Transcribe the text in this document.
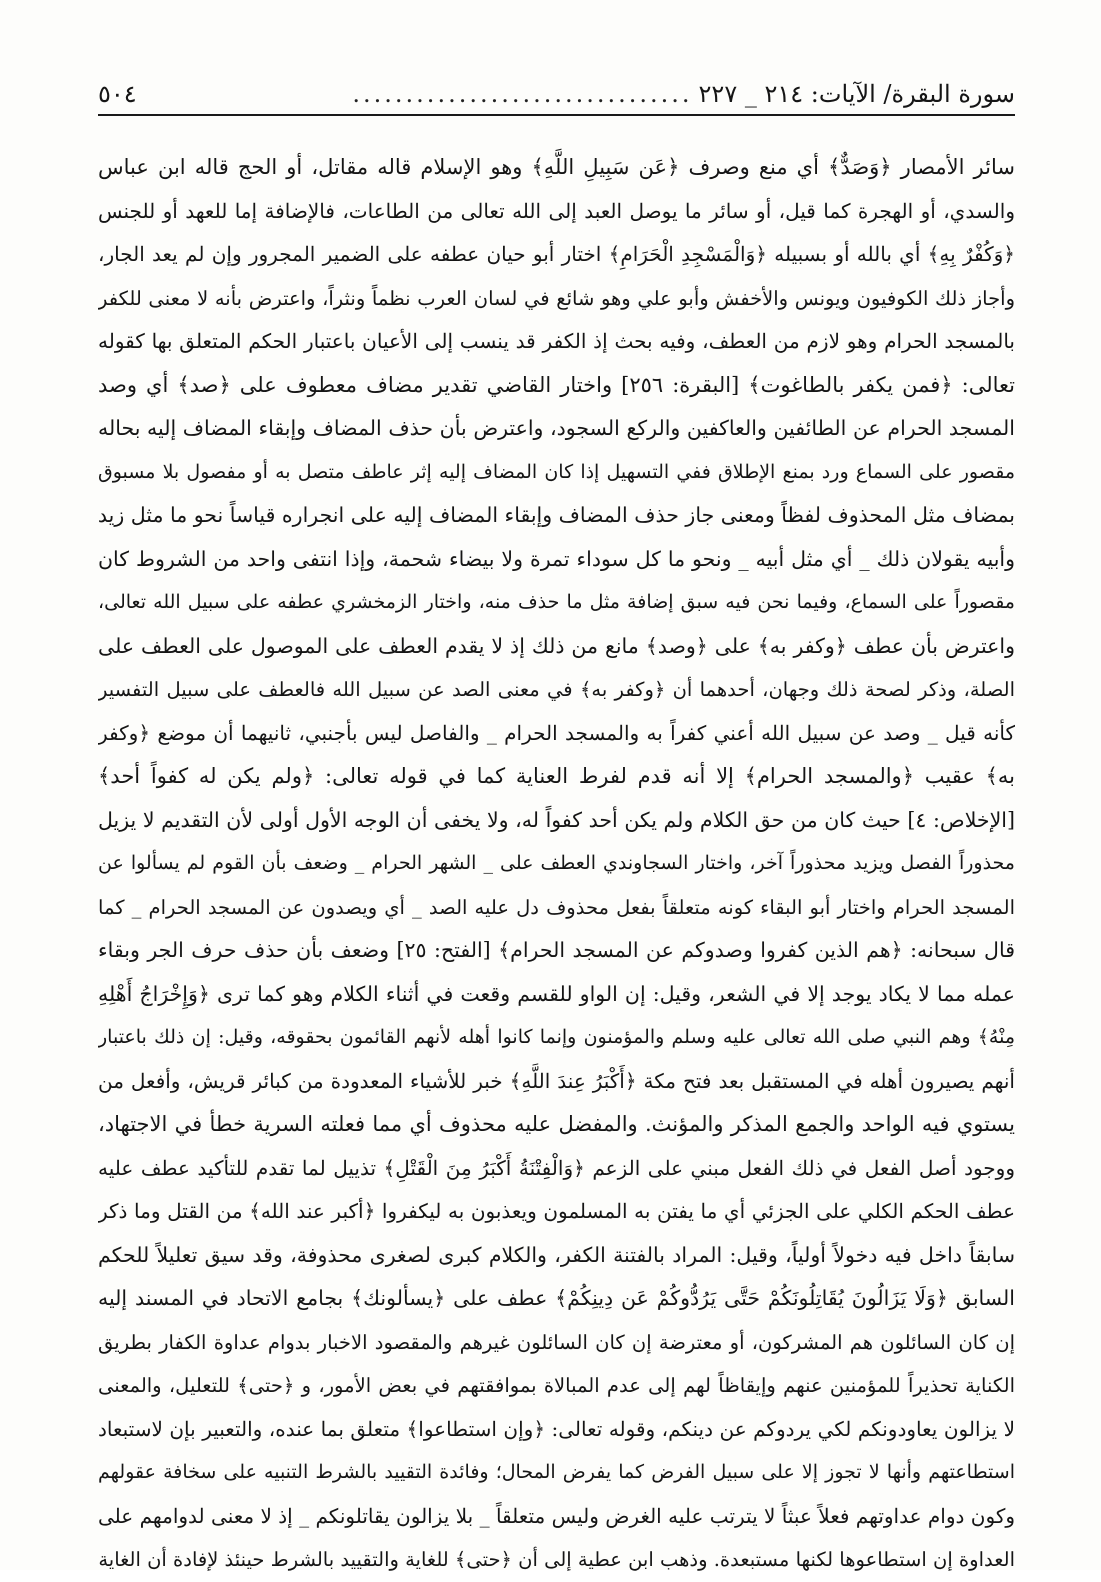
سورة البقرة/ الآيات: ٢١٤ _ ٢٢٧
................................
٥٠٤
سائر الأمصار ﴿وَصَدٌّ﴾ أي منع وصرف ﴿عَن سَبِيلِ اللَّهِ﴾ وهو الإسلام قاله مقاتل، أو الحج قاله ابن عباس
والسدي، أو الهجرة كما قيل، أو سائر ما يوصل العبد إلى الله تعالى من الطاعات، فالإضافة إما للعهد أو للجنس
﴿وَكُفْرٌ بِهِ﴾ أي بالله أو بسبيله ﴿وَالْمَسْجِدِ الْحَرَامِ﴾ اختار أبو حيان عطفه على الضمير المجرور وإن لم يعد الجار،
وأجاز ذلك الكوفيون ويونس والأخفش وأبو علي وهو شائع في لسان العرب نظماً ونثراً، واعترض بأنه لا معنى للكفر
بالمسجد الحرام وهو لازم من العطف، وفيه بحث إذ الكفر قد ينسب إلى الأعيان باعتبار الحكم المتعلق بها كقوله
تعالى: ﴿فمن يكفر بالطاغوت﴾ [البقرة: ٢٥٦] واختار القاضي تقدير مضاف معطوف على ﴿صد﴾ أي وصد
المسجد الحرام عن الطائفين والعاكفين والركع السجود، واعترض بأن حذف المضاف وإبقاء المضاف إليه بحاله
مقصور على السماع ورد بمنع الإطلاق ففي التسهيل إذا كان المضاف إليه إثر عاطف متصل به أو مفصول بلا مسبوق
بمضاف مثل المحذوف لفظاً ومعنى جاز حذف المضاف وإبقاء المضاف إليه على انجراره قياساً نحو ما مثل زيد
وأبيه يقولان ذلك _ أي مثل أبيه _ ونحو ما كل سوداء تمرة ولا بيضاء شحمة، وإذا انتفى واحد من الشروط كان
مقصوراً على السماع، وفيما نحن فيه سبق إضافة مثل ما حذف منه، واختار الزمخشري عطفه على سبيل الله تعالى،
واعترض بأن عطف ﴿وكفر به﴾ على ﴿وصد﴾ مانع من ذلك إذ لا يقدم العطف على الموصول على العطف على
الصلة، وذكر لصحة ذلك وجهان، أحدهما أن ﴿وكفر به﴾ في معنى الصد عن سبيل الله فالعطف على سبيل التفسير
كأنه قيل _ وصد عن سبيل الله أعني كفراً به والمسجد الحرام _ والفاصل ليس بأجنبي، ثانيهما أن موضع ﴿وكفر
به﴾ عقيب ﴿والمسجد الحرام﴾ إلا أنه قدم لفرط العناية كما في قوله تعالى: ﴿ولم يكن له كفواً أحد﴾
[الإخلاص: ٤] حيث كان من حق الكلام ولم يكن أحد كفواً له، ولا يخفى أن الوجه الأول أولى لأن التقديم لا يزيل
محذوراً الفصل ويزيد محذوراً آخر، واختار السجاوندي العطف على _ الشهر الحرام _ وضعف بأن القوم لم يسألوا عن
المسجد الحرام واختار أبو البقاء كونه متعلقاً بفعل محذوف دل عليه الصد _ أي ويصدون عن المسجد الحرام _ كما
قال سبحانه: ﴿هم الذين كفروا وصدوكم عن المسجد الحرام﴾ [الفتح: ٢٥] وضعف بأن حذف حرف الجر وبقاء
عمله مما لا يكاد يوجد إلا في الشعر، وقيل: إن الواو للقسم وقعت في أثناء الكلام وهو كما ترى ﴿وَإِخْرَاجُ أَهْلِهِ
مِنْهُ﴾ وهم النبي صلى الله تعالى عليه وسلم والمؤمنون وإنما كانوا أهله لأنهم القائمون بحقوقه، وقيل: إن ذلك باعتبار
أنهم يصيرون أهله في المستقبل بعد فتح مكة ﴿أَكْبَرُ عِندَ اللَّهِ﴾ خبر للأشياء المعدودة من كبائر قريش، وأفعل من
يستوي فيه الواحد والجمع المذكر والمؤنث. والمفضل عليه محذوف أي مما فعلته السرية خطأ في الاجتهاد،
ووجود أصل الفعل في ذلك الفعل مبني على الزعم ﴿وَالْفِتْنَةُ أَكْبَرُ مِنَ الْقَتْلِ﴾ تذييل لما تقدم للتأكيد عطف عليه
عطف الحكم الكلي على الجزئي أي ما يفتن به المسلمون ويعذبون به ليكفروا ﴿أكبر عند الله﴾ من القتل وما ذكر
سابقاً داخل فيه دخولاً أولياً، وقيل: المراد بالفتنة الكفر، والكلام كبرى لصغرى محذوفة، وقد سيق تعليلاً للحكم
السابق ﴿وَلَا يَزَالُونَ يُقَاتِلُونَكُمْ حَتَّى يَرُدُّوكُمْ عَن دِينِكُمْ﴾ عطف على ﴿يسألونك﴾ بجامع الاتحاد في المسند إليه
إن كان السائلون هم المشركون، أو معترضة إن كان السائلون غيرهم والمقصود الاخبار بدوام عداوة الكفار بطريق
الكناية تحذيراً للمؤمنين عنهم وإيقاظاً لهم إلى عدم المبالاة بموافقتهم في بعض الأمور، و ﴿حتى﴾ للتعليل، والمعنى
لا يزالون يعاودونكم لكي يردوكم عن دينكم، وقوله تعالى: ﴿وإن استطاعوا﴾ متعلق بما عنده، والتعبير بإن لاستبعاد
استطاعتهم وأنها لا تجوز إلا على سبيل الفرض كما يفرض المحال؛ وفائدة التقييد بالشرط التنبيه على سخافة عقولهم
وكون دوام عداوتهم فعلاً عبثاً لا يترتب عليه الغرض وليس متعلقاً _ بلا يزالون يقاتلونكم _ إذ لا معنى لدوامهم على
العداوة إن استطاعوها لكنها مستبعدة. وذهب ابن عطية إلى أن ﴿حتى﴾ للغاية والتقييد بالشرط حينئذ لإفادة أن الغاية
